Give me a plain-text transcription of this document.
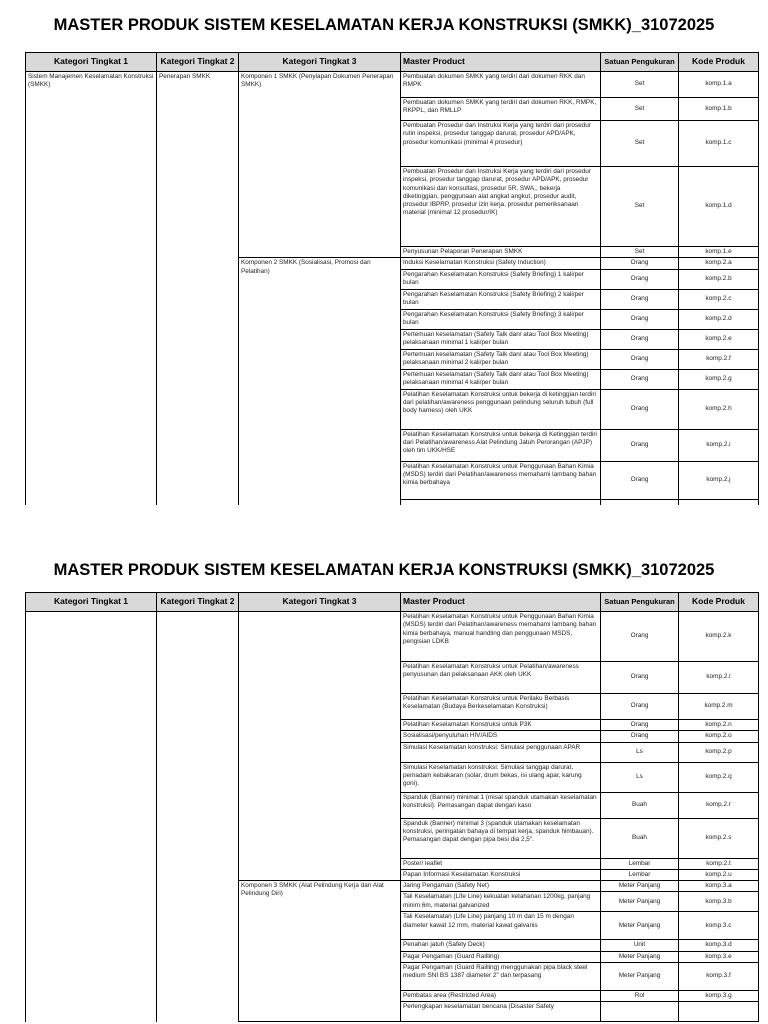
MASTER PRODUK SISTEM KESELAMATAN KERJA KONSTRUKSI (SMKK)_31072025
Kategori Tingkat 1	Kategori Tingkat 2	Kategori Tingkat 3	Master Product	Satuan Pengukuran	Kode Produk
Sistem Manajemen Keselamatan Konstruksi (SMKK)	Penerapan SMKK	Komponen 1 SMKK (Penyiapan Dokumen Penerapan SMKK)	Pembuatan dokumen SMKK yang terdiri dari dokumen RKK dan RMPK	Set	komp.1.a
			Pembuatan dokumen SMKK yang terdiri dari dokumen RKK, RMPK, RKPPL, dan RMLLP	Set	komp.1.b
			Pembuatan Prosedur dan Instruksi Kerja yang terdiri dari prosedur rutin inspeksi, prosedur tanggap darurat, prosedur APD/APK, prosedur komunikasi (minimal 4 prosedur)	Set	komp.1.c
			Pembuatan Prosedur dan Instruksi Kerja yang terdiri dari prosedur inspeksi, prosedur tanggap darurat, prosedur APD/APK, prosedur komunikasi dan konsultasi, prosedur 5R, SWA,, bekerja diketinggian, penggunaan alat angkat angkut, prosedur audit, prosedur IBPRP, prosedur izin kerja, prosedur pemeriksanaan material (minimal 12 prosedur/IK)	Set	komp.1.d
			Penyusunan Pelaporan Penerapan SMKK	Set	komp.1.e
		Komponen 2 SMKK (Sosialisasi, Promosi dan Pelatihan)	Induksi Keselamatan Konstruksi (Safety Induction)	Orang	komp.2.a
			Pengarahan Keselamatan Konstruksi (Safety Briefing) 1 kali/per bulan	Orang	komp.2.b
			Pengarahan Keselamatan Konstruksi (Safety Briefing) 2 kali/per bulan	Orang	komp.2.c
			Pengarahan Keselamatan Konstruksi (Safety Briefing) 3 kali/per bulan	Orang	komp.2.d
			Pertemuan keselamatan (Safety Talk dan/ atau Tool Box Meeting) pelaksanaan minimal 1 kali/per bulan	Orang	komp.2.e
			Pertemuan keselamatan (Safety Talk dan/ atau Tool Box Meeting) pelaksanaan minimal 2 kali/per bulan	Orang	komp.2.f
			Pertemuan keselamatan (Safety Talk dan/ atau Tool Box Meeting) pelaksanaan minimal 4 kali/per bulan	Orang	komp.2.g
			Pelatihan Keselamatan Konstruksi untuk bekerja di ketinggian terdiri dari pelatihan/awareness penggunaan pelindung seluruh tubuh (full body harness) oleh UKK	Orang	komp.2.h
			Pelatihan Keselamatan Konstruksi untuk bekerja di Ketinggian terdiri dari Pelatihan/awareness Alat Pelindung Jatuh Perorangan (APJP) oleh tim UKK/HSE	Orang	komp.2.i
			Pelatihan Keselamatan Konstruksi untuk Penggunaan Bahan Kimia (MSDS) terdiri dari Pelatihan/awareness memahami lambang bahan kimia berbahaya	Orang	komp.2.j

MASTER PRODUK SISTEM KESELAMATAN KERJA KONSTRUKSI (SMKK)_31072025
Kategori Tingkat 1	Kategori Tingkat 2	Kategori Tingkat 3	Master Product	Satuan Pengukuran	Kode Produk
			Pelatihan Keselamatan Konstruksi untuk Penggunaan Bahan Kimia (MSDS) terdiri dari Pelatihan/awareness memahami lambang bahan kimia berbahaya, manual handling dan penggunaan MSDS, pengisian LDKB	Orang	komp.2.k
			Pelatihan Keselamatan Konstruksi untuk Pelatihan/awareness penyusunan dan pelaksanaan AKK oleh UKK	Orang	komp.2.l
			Pelatihan Keselamatan Konstruksi untuk Perilaku Berbasis Keselamatan (Budaya Berkeselamatan Konstruksi)	Orang	komp.2.m
			Pelatihan Keselamatan Konstruksi untuk P3K	Orang	komp.2.n
			Sosialisasi/penyuluhan HIV/AIDS	Orang	komp.2.o
			Simulasi Keselamatan konstruksi: Simulasi penggunaan APAR	Ls	komp.2.p
			Simulasi Keselamatan konstruksi: Simulasi tanggap darurat, pemadam kebakaran (solar, drum bekas, isi ulang apar, karung goni).	Ls	komp.2.q
			Spanduk (Banner) minimal 1 (misal spanduk utamakan keselamatan konstruksi). Pemasangan dapat dengan kaso	Buah	komp.2.r
			Spanduk (Banner) minimal 3 (spanduk utamakan keselamatan konstruksi, peringatan bahaya di tempat kerja, spanduk himbauan). Pemasangan dapat dengan pipa besi dia 2,5".	Buah	komp.2.s
			Poster/ leaflet	Lembar	komp.2.t
			Papan Informasi Keselamatan Konstruksi	Lembar	komp.2.u
		Komponen 3 SMKK (Alat Pelindung Kerja dan Alat Pelindung Diri)	Jaring Pengaman (Safety Net)	Meter Panjang	komp.3.a
			Tali Keselamatan (Life Line) kekuatan ketahanan 1200kg, panjang minim 6m, material galvanized	Meter Panjang	komp.3.b
			Tali Keselamatan (Life Line) panjang 10 m dan 15 m dengan diameter kawat 12 mm, material kawat galvanis	Meter Panjang	komp.3.c
			Penahan jatuh (Safety Deck)	Unit	komp.3.d
			Pagar Pengaman (Guard Railling)	Meter Panjang	komp.3.e
			Pagar Pengaman (Guard Railling) menggunakan pipa black steel medium SNI BS 1387 diameter 2" dan terpasang	Meter Panjang	komp.3.f
			Pembatas area (Restricted Area)	Rol	komp.3.g
			Perlengkapan keselamatan bencana (Disaster Safety		
